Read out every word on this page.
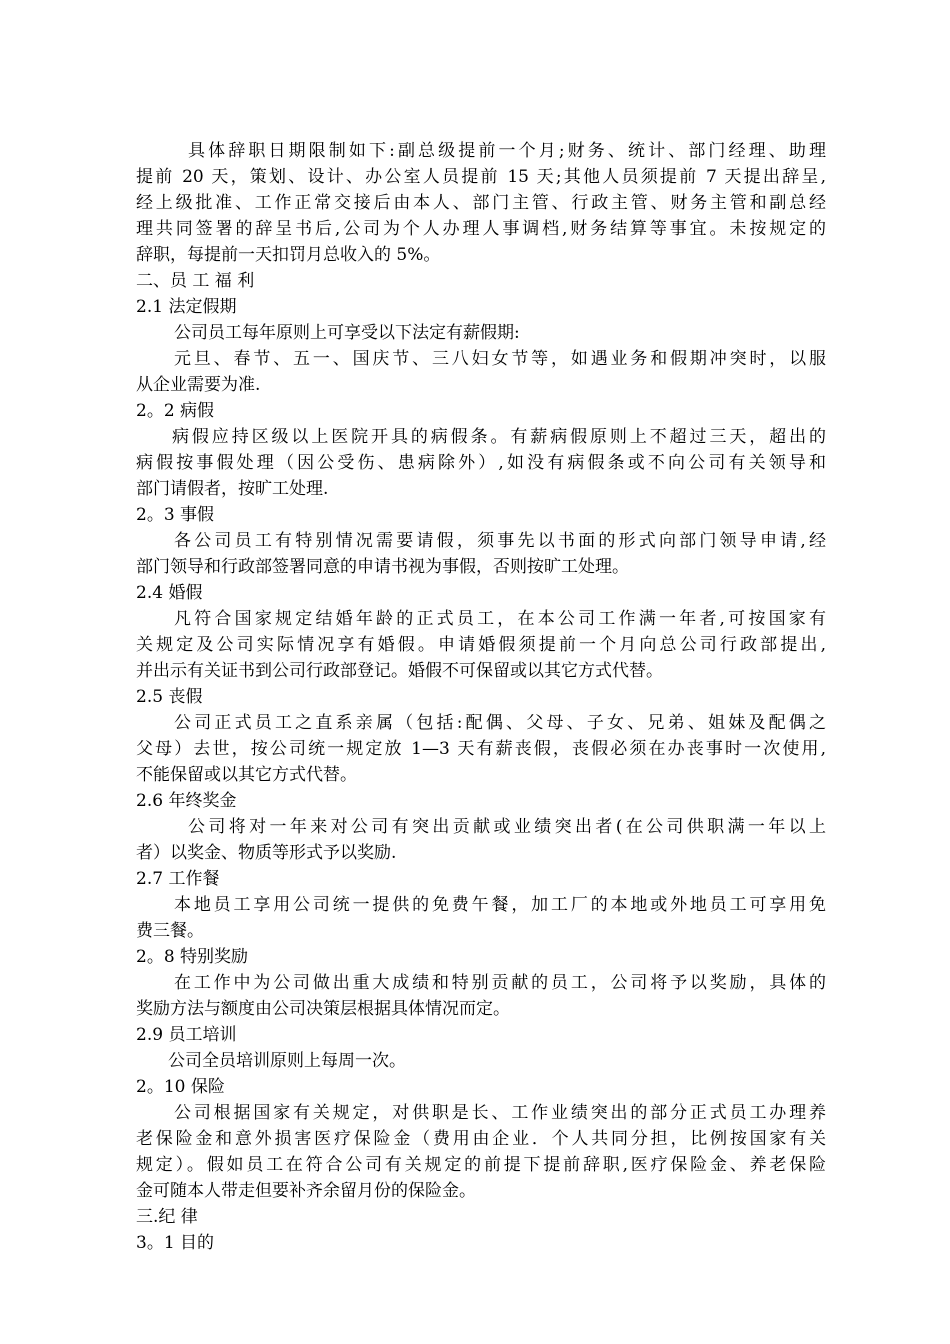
具体辞职日期限制如下:副总级提前一个月;财务、统计、部门经理、助理
提前 20 天，策划、设计、办公室人员提前 15 天;其他人员须提前 7 天提出辞呈,
经上级批准、工作正常交接后由本人、部门主管、行政主管、财务主管和副总经
理共同签署的辞呈书后,公司为个人办理人事调档,财务结算等事宜。未按规定的
辞职，每提前一天扣罚月总收入的 5%。
二、员 工 福 利
2.1 法定假期
公司员工每年原则上可享受以下法定有薪假期:
元旦、春节、五一、国庆节、三八妇女节等，如遇业务和假期冲突时，以服
从企业需要为准.
2。2 病假
病假应持区级以上医院开具的病假条。有薪病假原则上不超过三天，超出的
病假按事假处理（因公受伤、患病除外）,如没有病假条或不向公司有关领导和
部门请假者，按旷工处理.
2。3 事假
各公司员工有特别情况需要请假，须事先以书面的形式向部门领导申请,经
部门领导和行政部签署同意的申请书视为事假，否则按旷工处理。
2.4 婚假
凡符合国家规定结婚年龄的正式员工，在本公司工作满一年者,可按国家有
关规定及公司实际情况享有婚假。申请婚假须提前一个月向总公司行政部提出,
并出示有关证书到公司行政部登记。婚假不可保留或以其它方式代替。
2.5 丧假
公司正式员工之直系亲属（包括:配偶、父母、子女、兄弟、姐妹及配偶之
父母）去世，按公司统一规定放 1—3 天有薪丧假，丧假必须在办丧事时一次使用,
不能保留或以其它方式代替。
2.6 年终奖金
公司将对一年来对公司有突出贡献或业绩突出者(在公司供职满一年以上
者）以奖金、物质等形式予以奖励.
2.7 工作餐
本地员工享用公司统一提供的免费午餐，加工厂的本地或外地员工可享用免
费三餐。
2。8 特别奖励
在工作中为公司做出重大成绩和特别贡献的员工，公司将予以奖励，具体的
奖励方法与额度由公司决策层根据具体情况而定。
2.9 员工培训
公司全员培训原则上每周一次。
2。10 保险
公司根据国家有关规定，对供职是长、工作业绩突出的部分正式员工办理养
老保险金和意外损害医疗保险金（费用由企业．个人共同分担，比例按国家有关
规定）。假如员工在符合公司有关规定的前提下提前辞职,医疗保险金、养老保险
金可随本人带走但要补齐余留月份的保险金。
三.纪 律
3。1 目的
